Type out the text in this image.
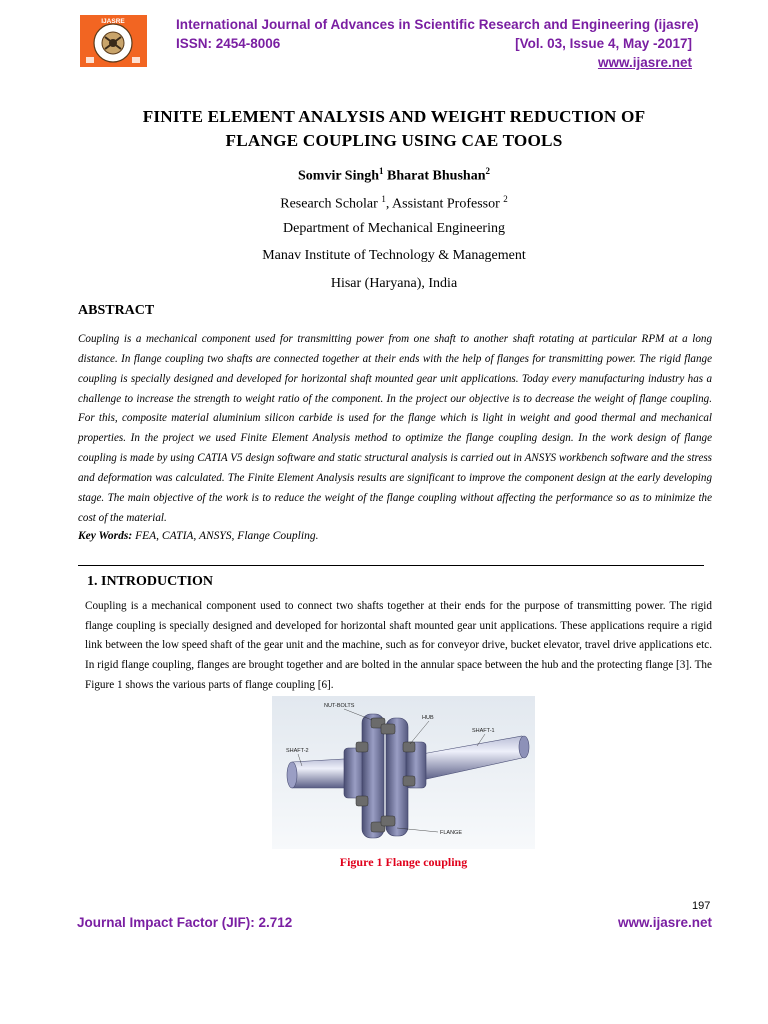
IJASRE	International Journal of Advances in Scientific Research and Engineering (ijasre)
ISSN: 2454-8006	[Vol. 03, Issue 4, May -2017]
www.ijasre.net
FINITE ELEMENT ANALYSIS AND WEIGHT REDUCTION OF
FLANGE COUPLING USING CAE TOOLS
Somvir Singh$^1$ Bharat Bhushan$^2$
Research Scholar $^1$, Assistant Professor $^2$
Department of Mechanical Engineering
Manav Institute of Technology & Management
Hisar (Haryana), India
ABSTRACT
Coupling is a mechanical component used for transmitting power from one shaft to another shaft rotating at particular RPM at a long distance. In flange coupling two shafts are connected together at their ends with the help of flanges for transmitting power. The rigid flange coupling is specially designed and developed for horizontal shaft mounted gear unit applications. Today every manufacturing industry has a challenge to increase the strength to weight ratio of the component. In the project our objective is to decrease the weight of flange coupling. For this, composite material aluminium silicon carbide is used for the flange which is light in weight and good thermal and mechanical properties. In the project we used Finite Element Analysis method to optimize the flange coupling design. In the work design of flange coupling is made by using CATIA V5 design software and static structural analysis is carried out in ANSYS workbench software and the stress and deformation was calculated. The Finite Element Analysis results are significant to improve the component design at the early developing stage. The main objective of the work is to reduce the weight of the flange coupling without affecting the performance so as to minimize the cost of the material.
Key Words: FEA, CATIA, ANSYS, Flange Coupling.
1. INTRODUCTION
Coupling is a mechanical component used to connect two shafts together at their ends for the purpose of transmitting power. The rigid flange coupling is specially designed and developed for horizontal shaft mounted gear unit applications. These applications require a rigid link between the low speed shaft of the gear unit and the machine, such as for conveyor drive, bucket elevator, travel drive applications etc. In rigid flange coupling, flanges are brought together and are bolted in the annular space between the hub and the protecting flange [3]. The Figure 1 shows the various parts of flange coupling [6].
NUT-BOLTS
HUB
SHAFT-1
SHAFT-2
FLANGE
Figure 1 Flange coupling
197
Journal Impact Factor (JIF): 2.712	www.ijasre.net
